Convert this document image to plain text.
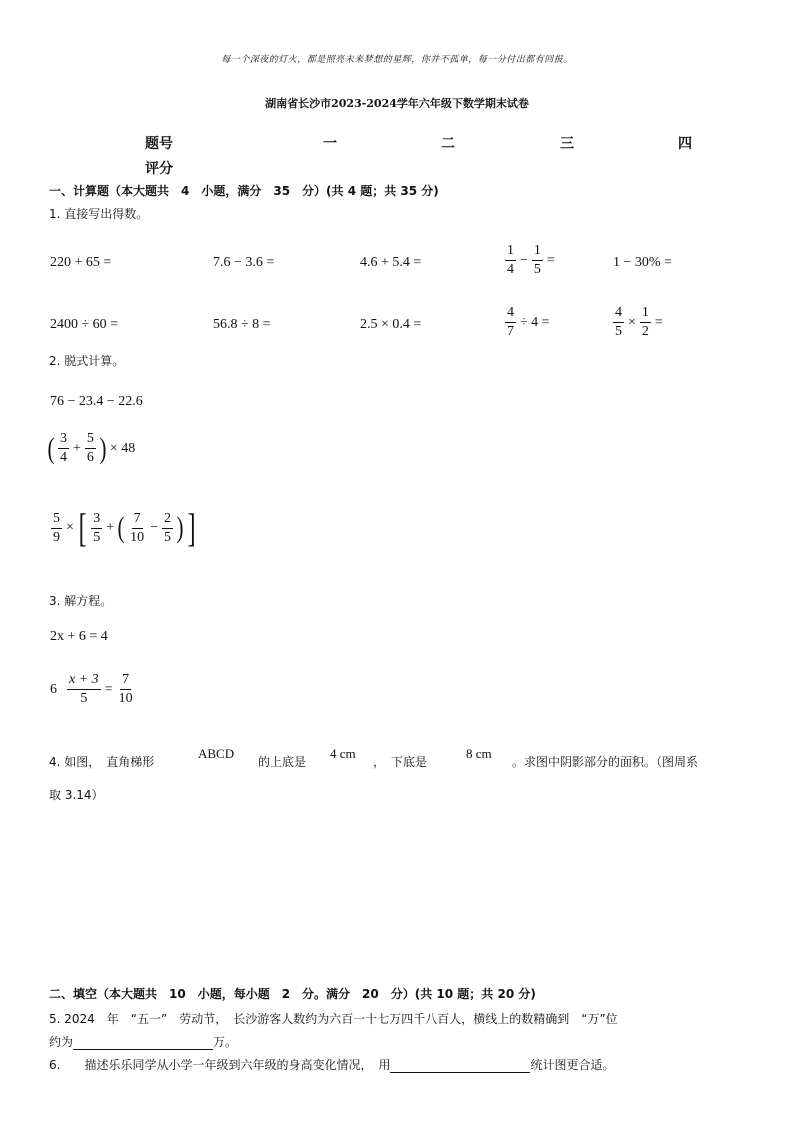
每一个深夜的灯火，都是照亮未来梦想的星辉，你并不孤单，每一分付出都有回报。
湖南省长沙市2023-2024学年六年级下数学期末试卷
题号	一	二	三	四
评分
一、计算题（本大题共　4　小题，满分　35　分）(共 4 题；共 35 分)
1. 直接写出得数。
220 + 65 =	7.6 − 3.6 =	4.6 + 5.4 =	$\frac{1}{4} - \frac{1}{5}$ =	1 − 30% =
2400 ÷ 60 =	56.8 ÷ 8 =	2.5 × 0.4 =	$\frac{4}{7} \div 4$ =	$\frac{4}{5} \times \frac{1}{2}$ =
2. 脱式计算。
76 − 23.4 − 22.6
( $\frac{3}{4} + \frac{5}{6}$ ) × 48
$\frac{5}{9}$ × [ $\frac{3}{5}$ + ( $\frac{7}{10} - \frac{2}{5}$ ) ]
3. 解方程。
2x + 6 = 4
$6 \frac{x + 3}{5} = \frac{7}{10}$
4. 如图，　直角梯形
ABCD
的上底是
4 cm
，　下底是
8 cm
。求图中阴影部分的面积。（图周系
取 3.14）
二、填空（本大题共　10　小题，每小题　2　分。满分　20　分）(共 10 题；共 20 分)
5. 2024　年　“五一”　劳动节，　长沙游客人数约为六百一十七万四千八百人，横线上的数精确到　“万”位
约为	万。
6.　　描述乐乐同学从小学一年级到六年级的身高变化情况，　用	统计图更合适。
